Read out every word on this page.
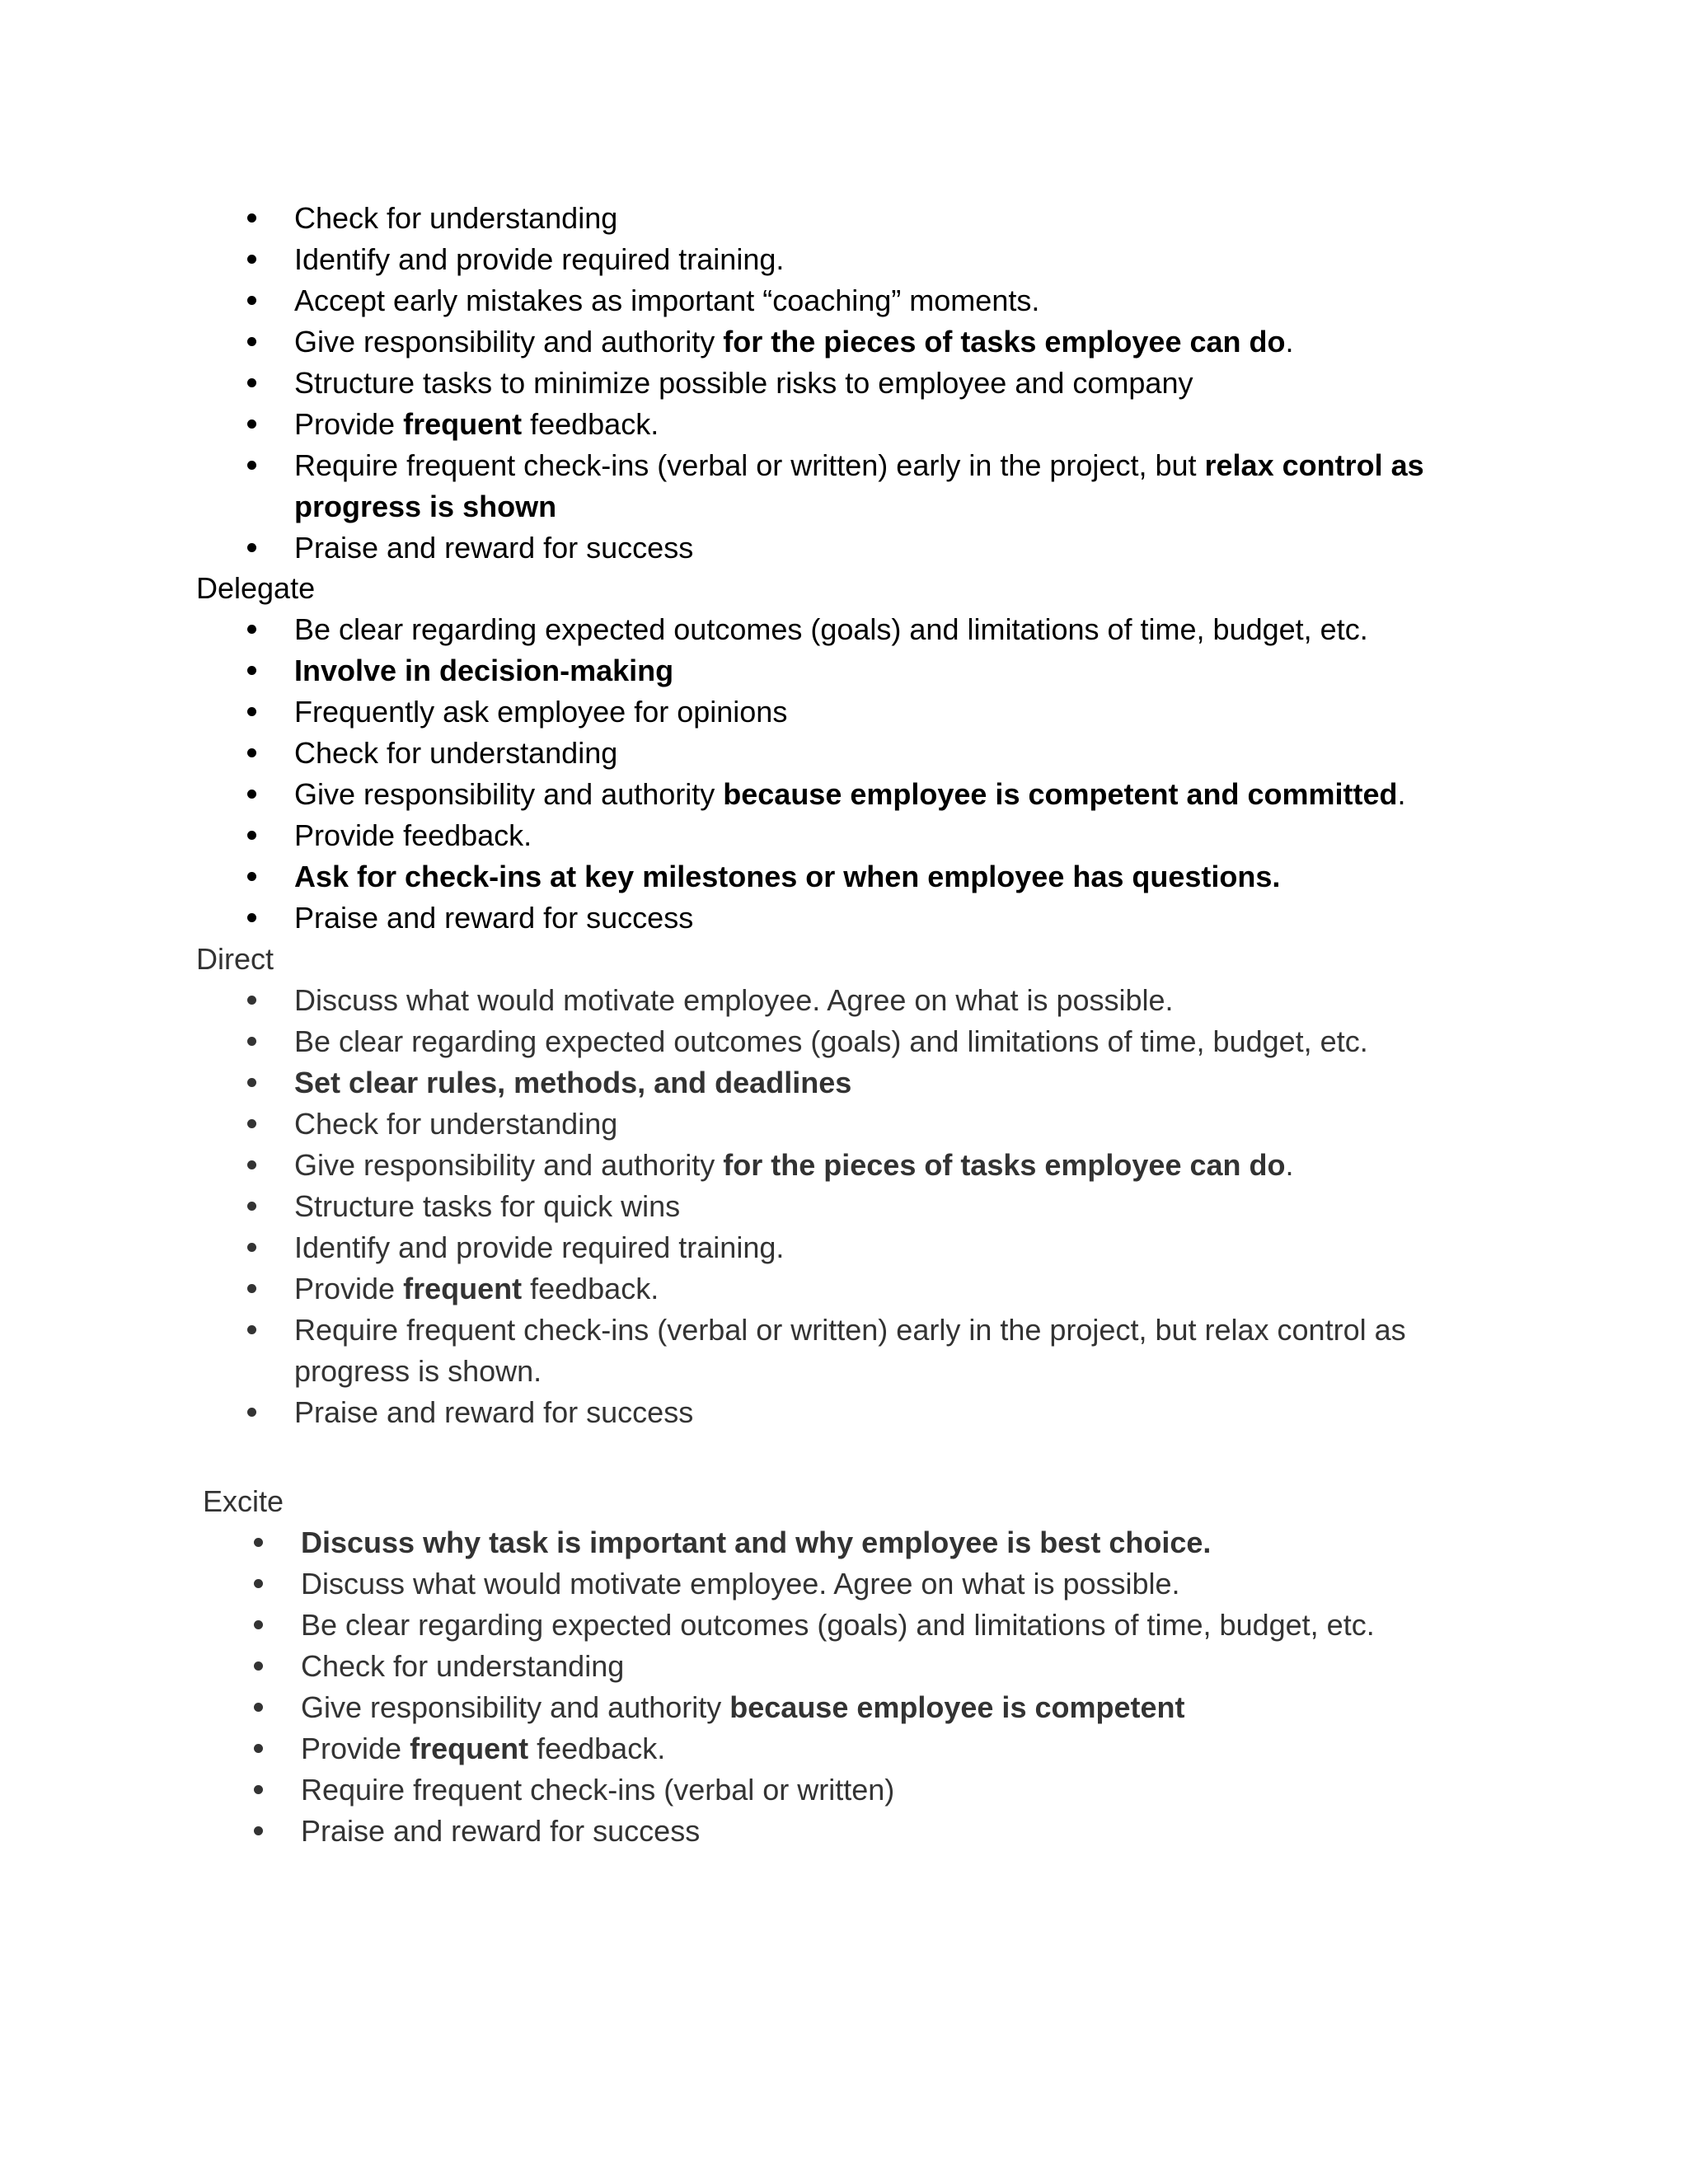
Check for understanding
Identify and provide required training.
Accept early mistakes as important “coaching” moments.
Give responsibility and authority for the pieces of tasks employee can do.
Structure tasks to minimize possible risks to employee and company
Provide frequent feedback.
Require frequent check-ins (verbal or written) early in the project, but relax control as progress is shown
Praise and reward for success
Delegate
Be clear regarding expected outcomes (goals) and limitations of time, budget, etc.
Involve in decision-making
Frequently ask employee for opinions
Check for understanding
Give responsibility and authority because employee is competent and committed.
Provide feedback.
Ask for check-ins at key milestones or when employee has questions.
Praise and reward for success
Direct
Discuss what would motivate employee. Agree on what is possible.
Be clear regarding expected outcomes (goals) and limitations of time, budget, etc.
Set clear rules, methods, and deadlines
Check for understanding
Give responsibility and authority for the pieces of tasks employee can do.
Structure tasks for quick wins
Identify and provide required training.
Provide frequent feedback.
Require frequent check-ins (verbal or written) early in the project, but relax control as progress is shown.
Praise and reward for success
Excite
Discuss why task is important and why employee is best choice.
Discuss what would motivate employee. Agree on what is possible.
Be clear regarding expected outcomes (goals) and limitations of time, budget, etc.
Check for understanding
Give responsibility and authority because employee is competent
Provide frequent feedback.
Require frequent check-ins (verbal or written)
Praise and reward for success
